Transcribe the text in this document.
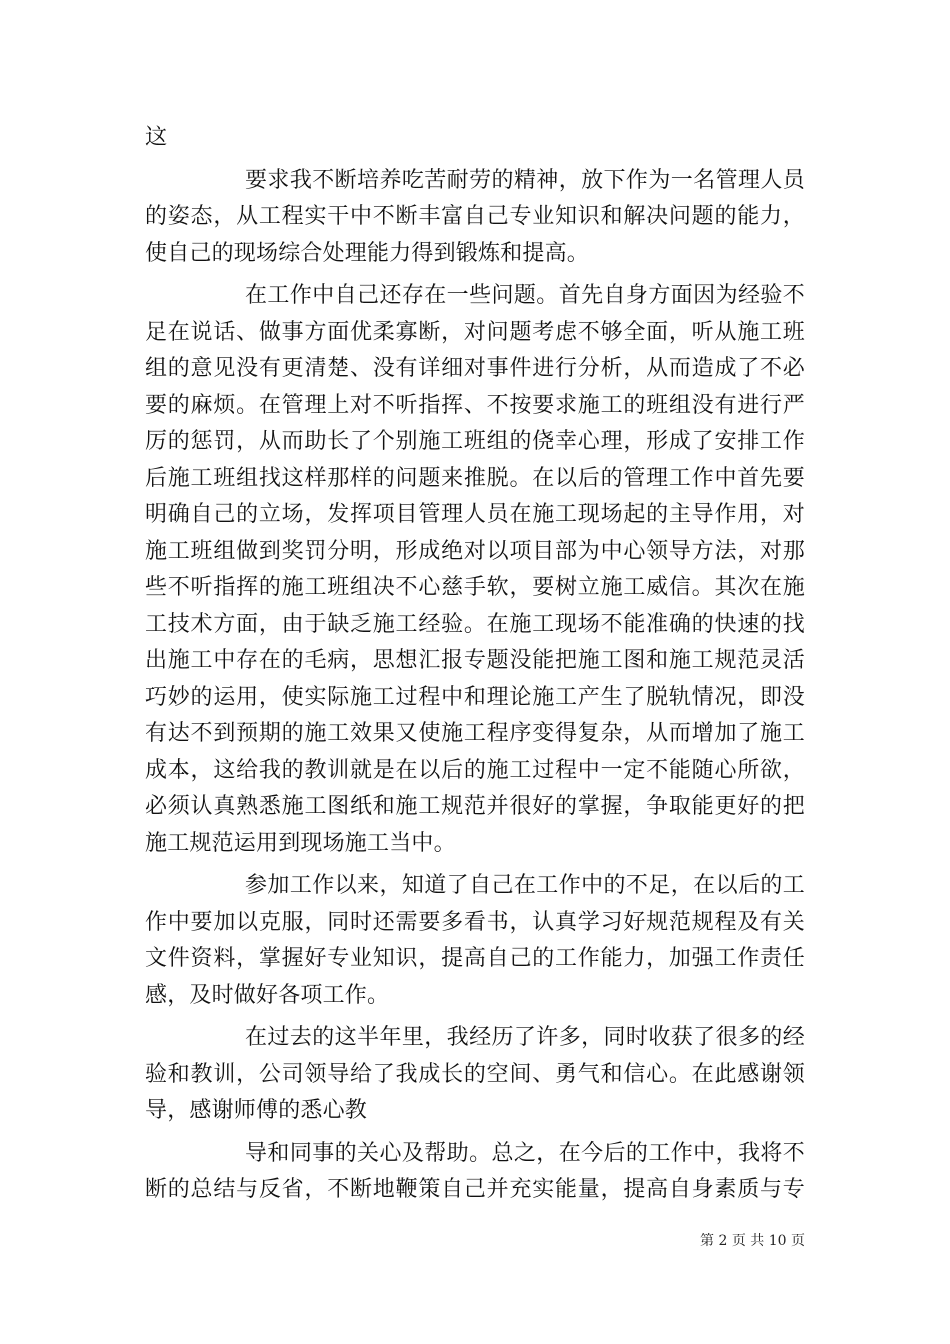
这
要求我不断培养吃苦耐劳的精神，放下作为一名管理人员
的姿态，从工程实干中不断丰富自己专业知识和解决问题的能力，
使自己的现场综合处理能力得到锻炼和提高。
在工作中自己还存在一些问题。首先自身方面因为经验不
足在说话、做事方面优柔寡断，对问题考虑不够全面，听从施工班
组的意见没有更清楚、没有详细对事件进行分析，从而造成了不必
要的麻烦。在管理上对不听指挥、不按要求施工的班组没有进行严
厉的惩罚，从而助长了个别施工班组的侥幸心理，形成了安排工作
后施工班组找这样那样的问题来推脱。在以后的管理工作中首先要
明确自己的立场，发挥项目管理人员在施工现场起的主导作用，对
施工班组做到奖罚分明，形成绝对以项目部为中心领导方法，对那
些不听指挥的施工班组决不心慈手软，要树立施工威信。其次在施
工技术方面，由于缺乏施工经验。在施工现场不能准确的快速的找
出施工中存在的毛病，思想汇报专题没能把施工图和施工规范灵活
巧妙的运用，使实际施工过程中和理论施工产生了脱轨情况，即没
有达不到预期的施工效果又使施工程序变得复杂，从而增加了施工
成本，这给我的教训就是在以后的施工过程中一定不能随心所欲，
必须认真熟悉施工图纸和施工规范并很好的掌握，争取能更好的把
施工规范运用到现场施工当中。
参加工作以来，知道了自己在工作中的不足，在以后的工
作中要加以克服，同时还需要多看书，认真学习好规范规程及有关
文件资料，掌握好专业知识，提高自己的工作能力，加强工作责任
感，及时做好各项工作。
在过去的这半年里，我经历了许多，同时收获了很多的经
验和教训，公司领导给了我成长的空间、勇气和信心。在此感谢领
导，感谢师傅的悉心教
导和同事的关心及帮助。总之，在今后的工作中，我将不
断的总结与反省，不断地鞭策自己并充实能量，提高自身素质与专
第 2 页 共 10 页
